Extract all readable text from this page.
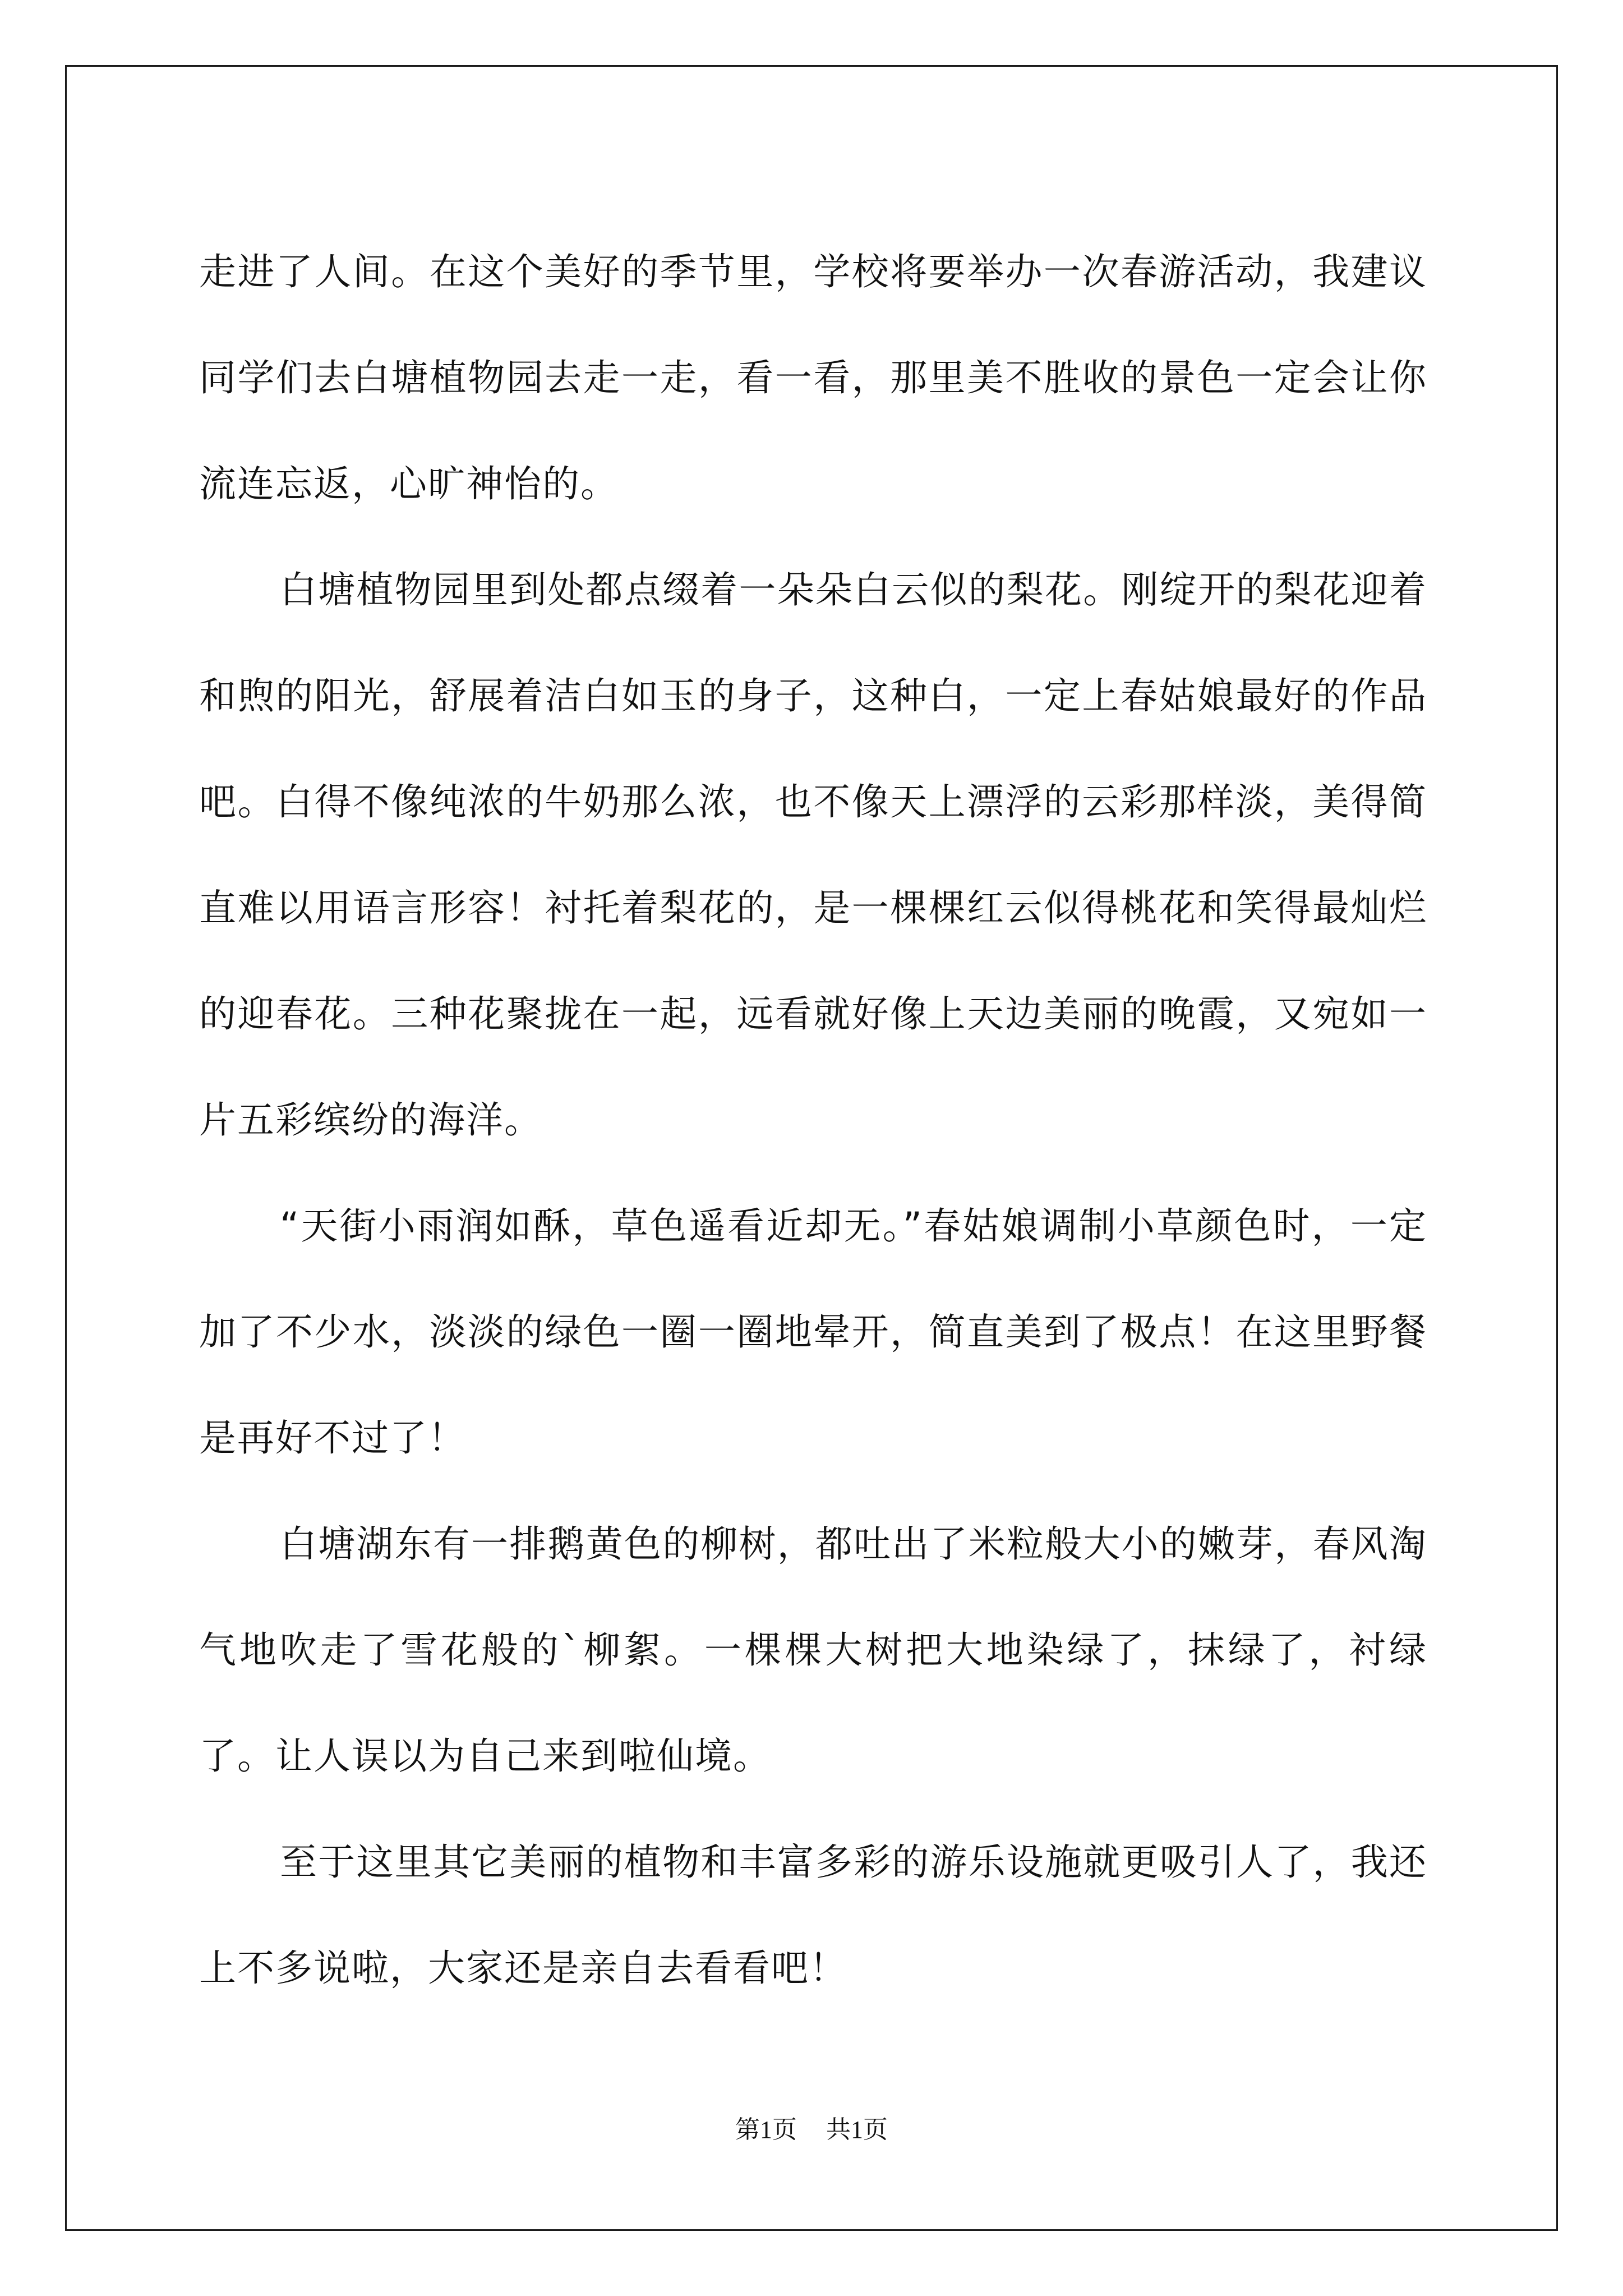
走进了人间。在这个美好的季节里，学校将要举办一次春游活动，我建议同学们去白塘植物园去走一走，看一看，那里美不胜收的景色一定会让你流连忘返，心旷神怡的。

白塘植物园里到处都点缀着一朵朵白云似的梨花。刚绽开的梨花迎着和煦的阳光，舒展着洁白如玉的身子，这种白，一定上春姑娘最好的作品吧。白得不像纯浓的牛奶那么浓，也不像天上漂浮的云彩那样淡，美得简直难以用语言形容！衬托着梨花的，是一棵棵红云似得桃花和笑得最灿烂的迎春花。三种花聚拢在一起，远看就好像上天边美丽的晚霞，又宛如一片五彩缤纷的海洋。

“天街小雨润如酥，草色遥看近却无。”春姑娘调制小草颜色时，一定加了不少水，淡淡的绿色一圈一圈地晕开，简直美到了极点！在这里野餐是再好不过了！

白塘湖东有一排鹅黄色的柳树，都吐出了米粒般大小的嫩芽，春风淘气地吹走了雪花般的`柳絮。一棵棵大树把大地染绿了，抹绿了，衬绿了。让人误以为自己来到啦仙境。

至于这里其它美丽的植物和丰富多彩的游乐设施就更吸引人了，我还上不多说啦，大家还是亲自去看看吧！

第1页 共1页
